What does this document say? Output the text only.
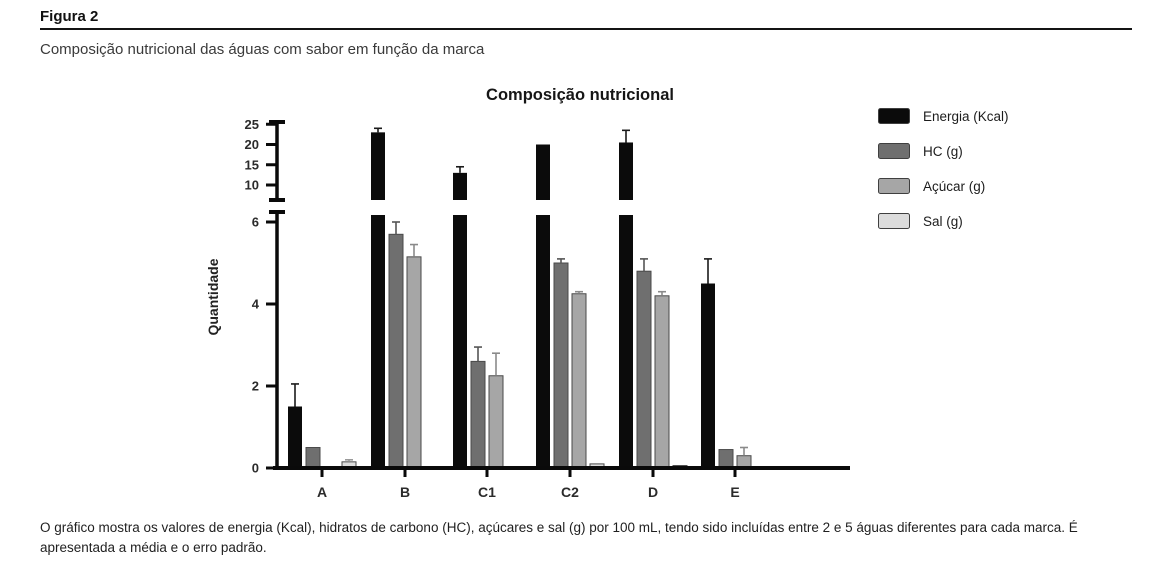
Figura 2
Composição nutricional das águas com sabor em função da marca
Composição nutricional
Quantidade
0
2
4
6
10
15
20
25
A	B	C1	C2	D	E
Energia (Kcal)
HC (g)
Açúcar (g)
Sal (g)
O gráfico mostra os valores de energia (Kcal), hidratos de carbono (HC), açúcares e sal (g) por 100 mL, tendo sido incluídas entre 2 e 5 águas diferentes para cada marca. É apresentada a média e o erro padrão.
